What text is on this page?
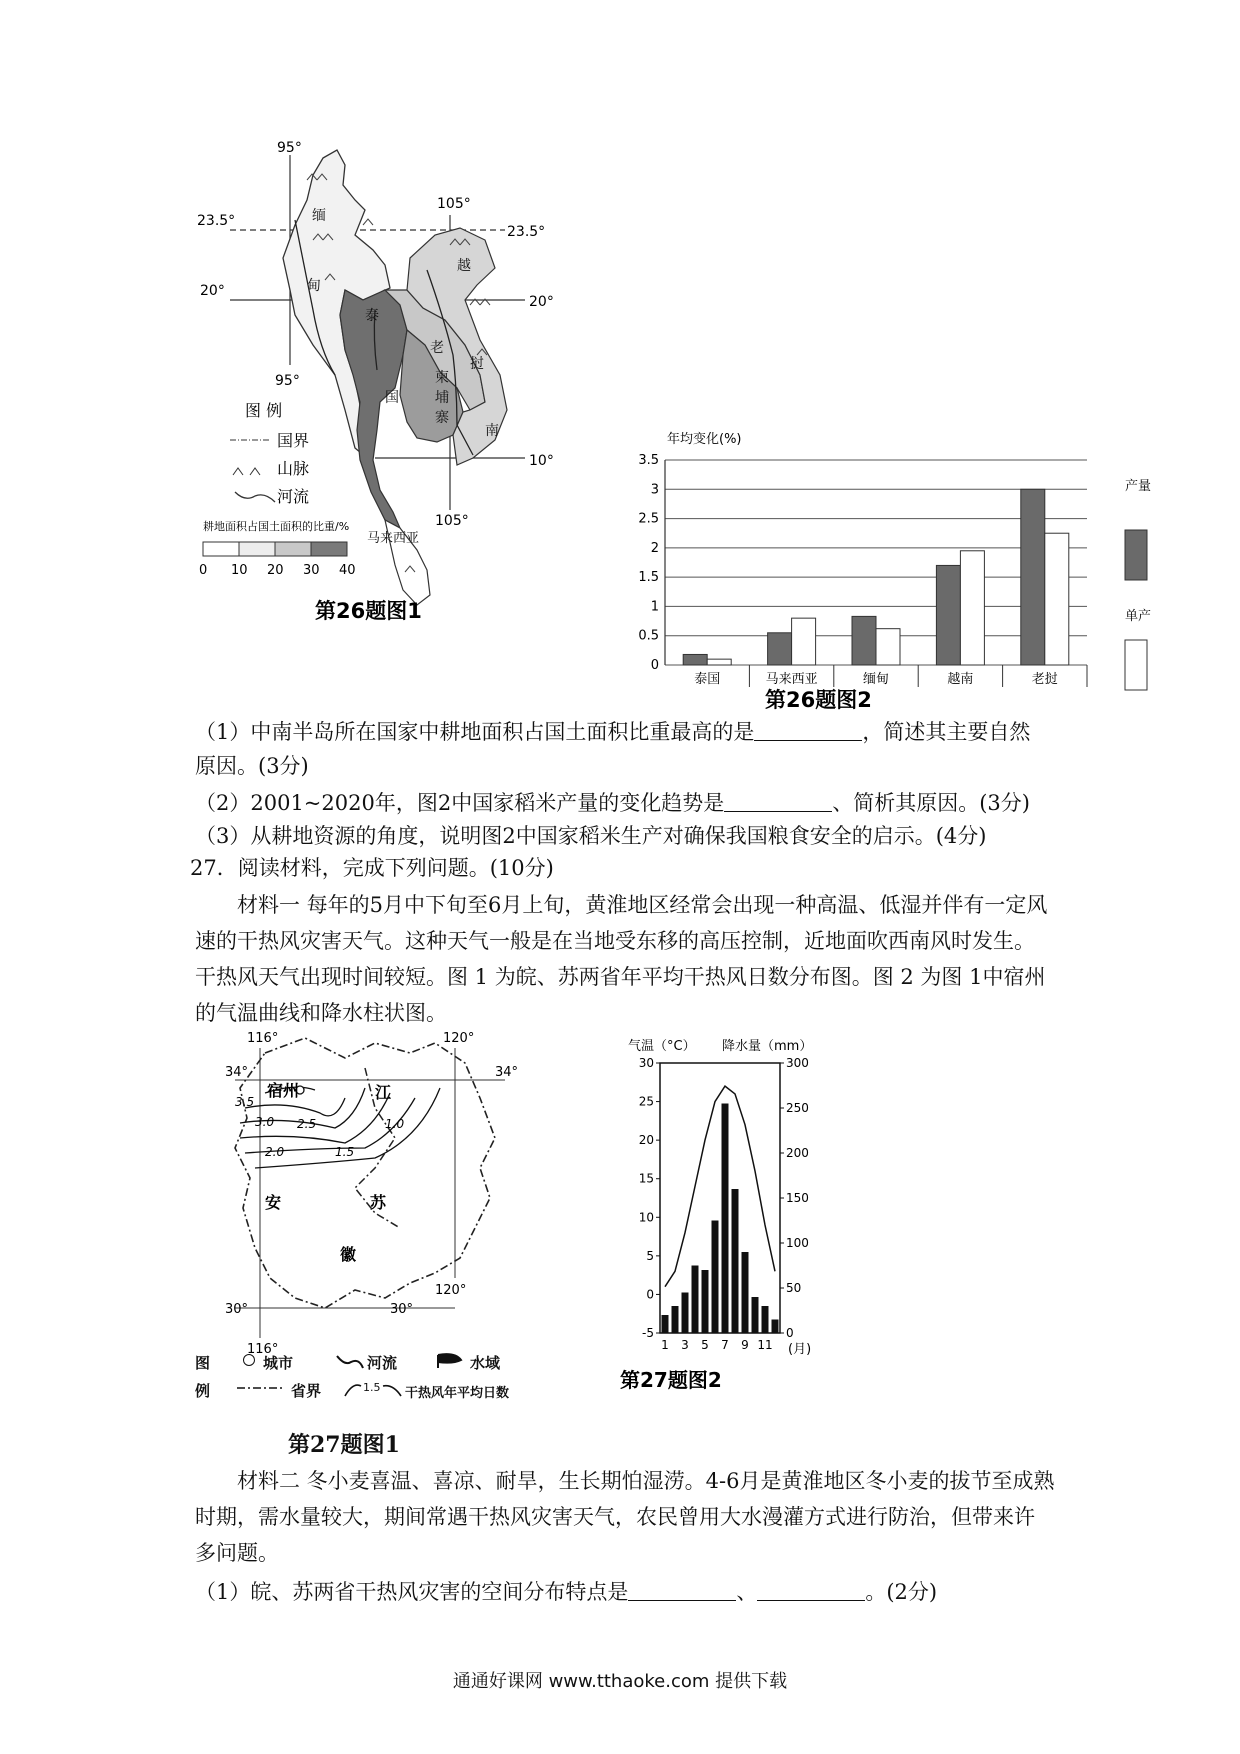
23.5°
23.5°
20°
20°
10°
95°
105°
95°
105°
缅
甸
泰
国
柬
埔
寨
越
南
老
挝
马来西亚
图 例
国界
山脉
河流
耕地面积占国土面积的比重/%
0 10 20 30 40
第26题图1
年均变化(%)
0
0.5
1
1.5
2
2.5
3
3.5
泰国	马来西亚	缅甸	越南	老挝
产量
单产
第26题图2
（1）中南半岛所在国家中耕地面积占国土面积比重最高的是	，简述其主要自然
原因。(3分)
（2）2001~2020年，图2中国家稻米产量的变化趋势是	、简析其原因。(3分)
（3）从耕地资源的角度，说明图2中国家稻米生产对确保我国粮食安全的启示。(4分)
27．阅读材料，完成下列问题。(10分)
材料一 每年的5月中下旬至6月上旬，黄淮地区经常会出现一种高温、低湿并伴有一定风速的干热风灾害天气。这种天气一般是在当地受东移的高压控制，近地面吹西南风时发生。干热风天气出现时间较短。图 1 为皖、苏两省年平均干热风日数分布图。图 2 为图 1中宿州的气温曲线和降水柱状图。
116°	120°
120°
116°
34°	34°
30°	30°
宿州	江
安	苏
徽
3.5
3.0 2.5
2.0	1.5
1.0
图
例
城市	河流	水域
省界	1.5 干热风年平均日数
第27题图1
气温（°C） 降水量（mm）
-5
0
5
10
15
20
25
30
0
50
100
150
200
250
300
1 3 5 7 9 11 (月)
第27题图2
材料二 冬小麦喜温、喜凉、耐旱，生长期怕湿涝。4-6月是黄淮地区冬小麦的拔节至成熟时期，需水量较大，期间常遇干热风灾害天气，农民曾用大水漫灌方式进行防治，但带来许多问题。
（1）皖、苏两省干热风灾害的空间分布特点是	、	。(2分)
通通好课网 www.tthaoke.com 提供下载
